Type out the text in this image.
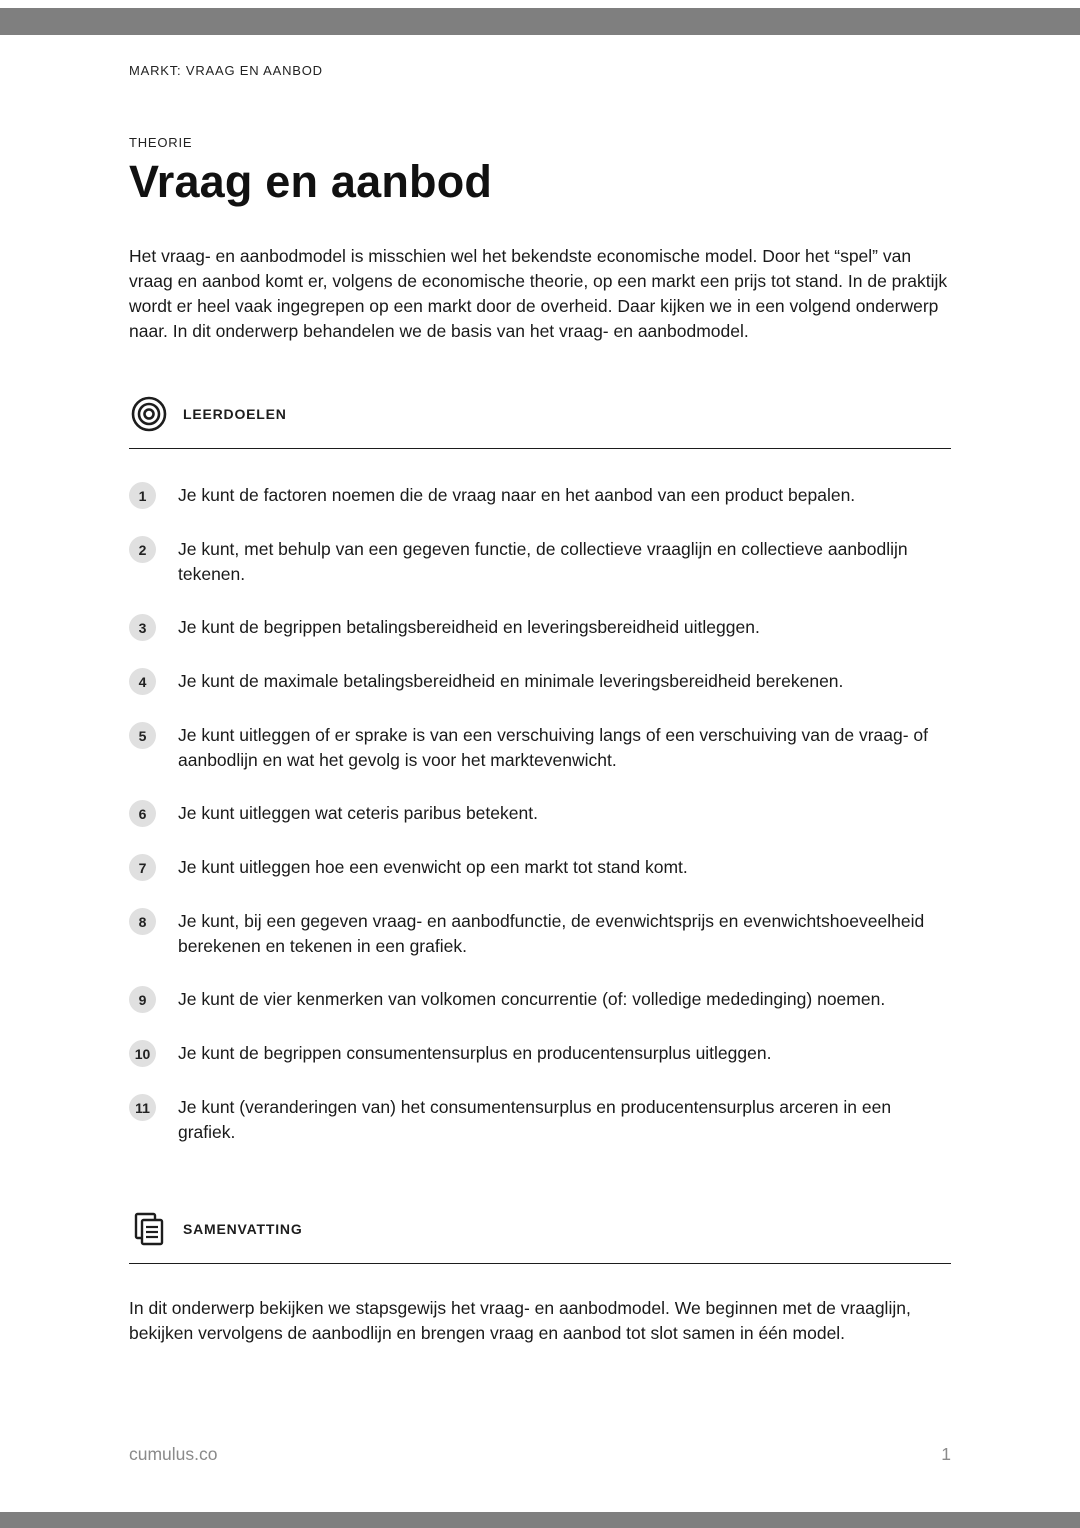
MARKT: VRAAG EN AANBOD
THEORIE
Vraag en aanbod

Het vraag- en aanbodmodel is misschien wel het bekendste economische model. Door het “spel” van vraag en aanbod komt er, volgens de economische theorie, op een markt een prijs tot stand. In de praktijk wordt er heel vaak ingegrepen op een markt door de overheid. Daar kijken we in een volgend onderwerp naar. In dit onderwerp behandelen we de basis van het vraag- en aanbodmodel.

LEERDOELEN
1	Je kunt de factoren noemen die de vraag naar en het aanbod van een product bepalen.
2	Je kunt, met behulp van een gegeven functie, de collectieve vraaglijn en collectieve aanbodlijn tekenen.
3	Je kunt de begrippen betalingsbereidheid en leveringsbereidheid uitleggen.
4	Je kunt de maximale betalingsbereidheid en minimale leveringsbereidheid berekenen.
5	Je kunt uitleggen of er sprake is van een verschuiving langs of een verschuiving van de vraag- of aanbodlijn en wat het gevolg is voor het marktevenwicht.
6	Je kunt uitleggen wat ceteris paribus betekent.
7	Je kunt uitleggen hoe een evenwicht op een markt tot stand komt.
8	Je kunt, bij een gegeven vraag- en aanbodfunctie, de evenwichtsprijs en evenwichtshoeveelheid berekenen en tekenen in een grafiek.
9	Je kunt de vier kenmerken van volkomen concurrentie (of: volledige mededinging) noemen.
10	Je kunt de begrippen consumentensurplus en producentensurplus uitleggen.
11	Je kunt (veranderingen van) het consumentensurplus en producentensurplus arceren in een grafiek.
SAMENVATTING

In dit onderwerp bekijken we stapsgewijs het vraag- en aanbodmodel. We beginnen met de vraaglijn, bekijken vervolgens de aanbodlijn en brengen vraag en aanbod tot slot samen in één model.

cumulus.co	1
